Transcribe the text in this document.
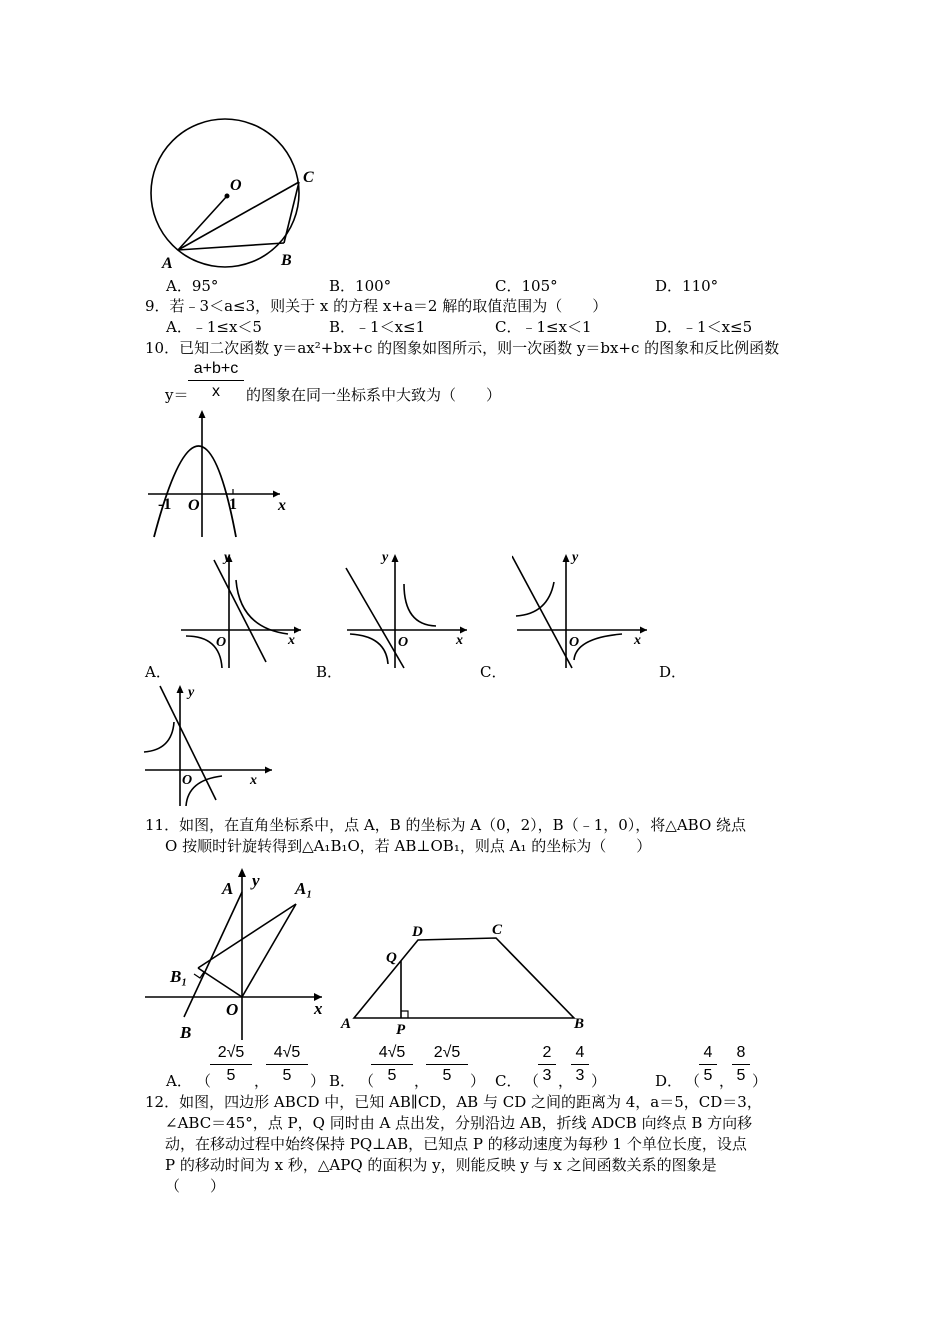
O	C
A	B
A．95°	B．100°	C．105°	D．110°
9．若﹣3＜a≤3，则关于 x 的方程 x+a＝2 解的取值范围为（　　）
A．﹣1≤x＜5	B．﹣1＜x≤1	C．﹣1≤x＜1	D．﹣1＜x≤5
10．已知二次函数 y＝ax²+bx+c 的图象如图所示，则一次函数 y＝bx+c 的图象和反比例函数
a+b+c
x
y＝	的图象在同一坐标系中大致为（　　）
-1 O 1	x
y
O	x
y
O	x
y
O	x
A．	B．	C．	D．
y
O	x
11．如图，在直角坐标系中，点 A，B 的坐标为 A（0，2），B（﹣1，0），将△ABO 绕点
O 按顺时针旋转得到△A₁B₁O，若 AB⊥OB₁，则点 A₁ 的坐标为（　　）
A y A₁
B₁
O	x
B
D	C
Q
A	P	B
A． （
2√5
5	，
4√5
5	） B． （
4√5
5	，
2√5
5	） C． （
2
3 ，
4
3 ）	D． （
4
5 ，
8
5 ）
12．如图，四边形 ABCD 中，已知 AB∥CD，AB 与 CD 之间的距离为 4，a＝5，CD＝3，
∠ABC＝45°，点 P，Q 同时由 A 点出发，分别沿边 AB，折线 ADCB 向终点 B 方向移
动，在移动过程中始终保持 PQ⊥AB，已知点 P 的移动速度为每秒 1 个单位长度，设点
P 的移动时间为 x 秒，△APQ 的面积为 y，则能反映 y 与 x 之间函数关系的图象是
（　　）
